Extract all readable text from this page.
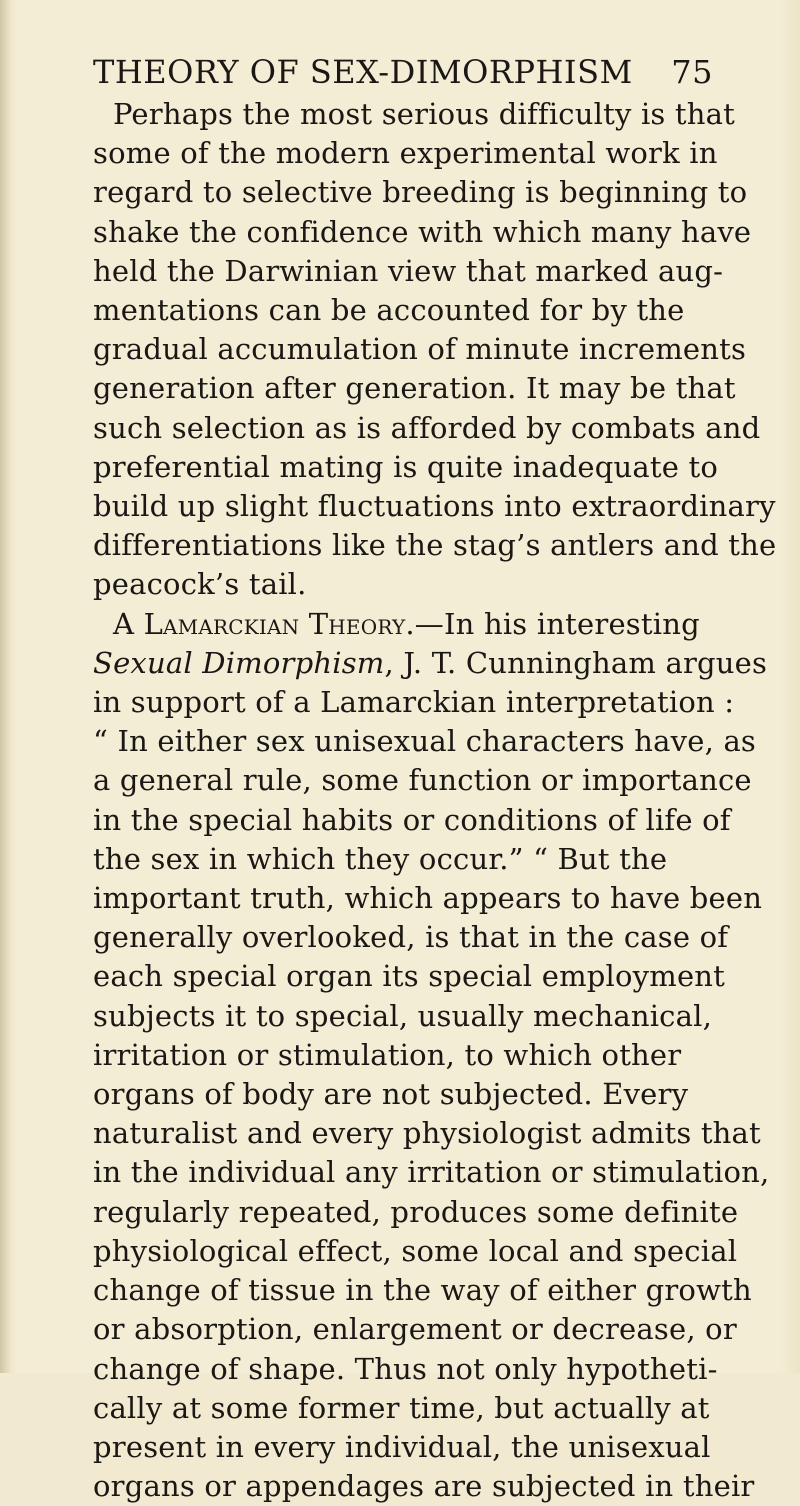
THEORY OF SEX-DIMORPHISM 75
Perhaps the most serious difficulty is that
some of the modern experimental work in
regard to selective breeding is beginning to
shake the confidence with which many have
held the Darwinian view that marked aug-
mentations can be accounted for by the
gradual accumulation of minute increments
generation after generation. It may be that
such selection as is afforded by combats and
preferential mating is quite inadequate to
build up slight fluctuations into extraordinary
differentiations like the stag’s antlers and the
peacock’s tail.
A Lamarckian Theory.—In his interesting
Sexual Dimorphism, J. T. Cunningham argues
in support of a Lamarckian interpretation :
“ In either sex unisexual characters have, as
a general rule, some function or importance
in the special habits or conditions of life of
the sex in which they occur.” “ But the
important truth, which appears to have been
generally overlooked, is that in the case of
each special organ its special employment
subjects it to special, usually mechanical,
irritation or stimulation, to which other
organs of body are not subjected. Every
naturalist and every physiologist admits that
in the individual any irritation or stimulation,
regularly repeated, produces some definite
physiological effect, some local and special
change of tissue in the way of either growth
or absorption, enlargement or decrease, or
change of shape. Thus not only hypotheti-
cally at some former time, but actually at
present in every individual, the unisexual
organs or appendages are subjected in their
